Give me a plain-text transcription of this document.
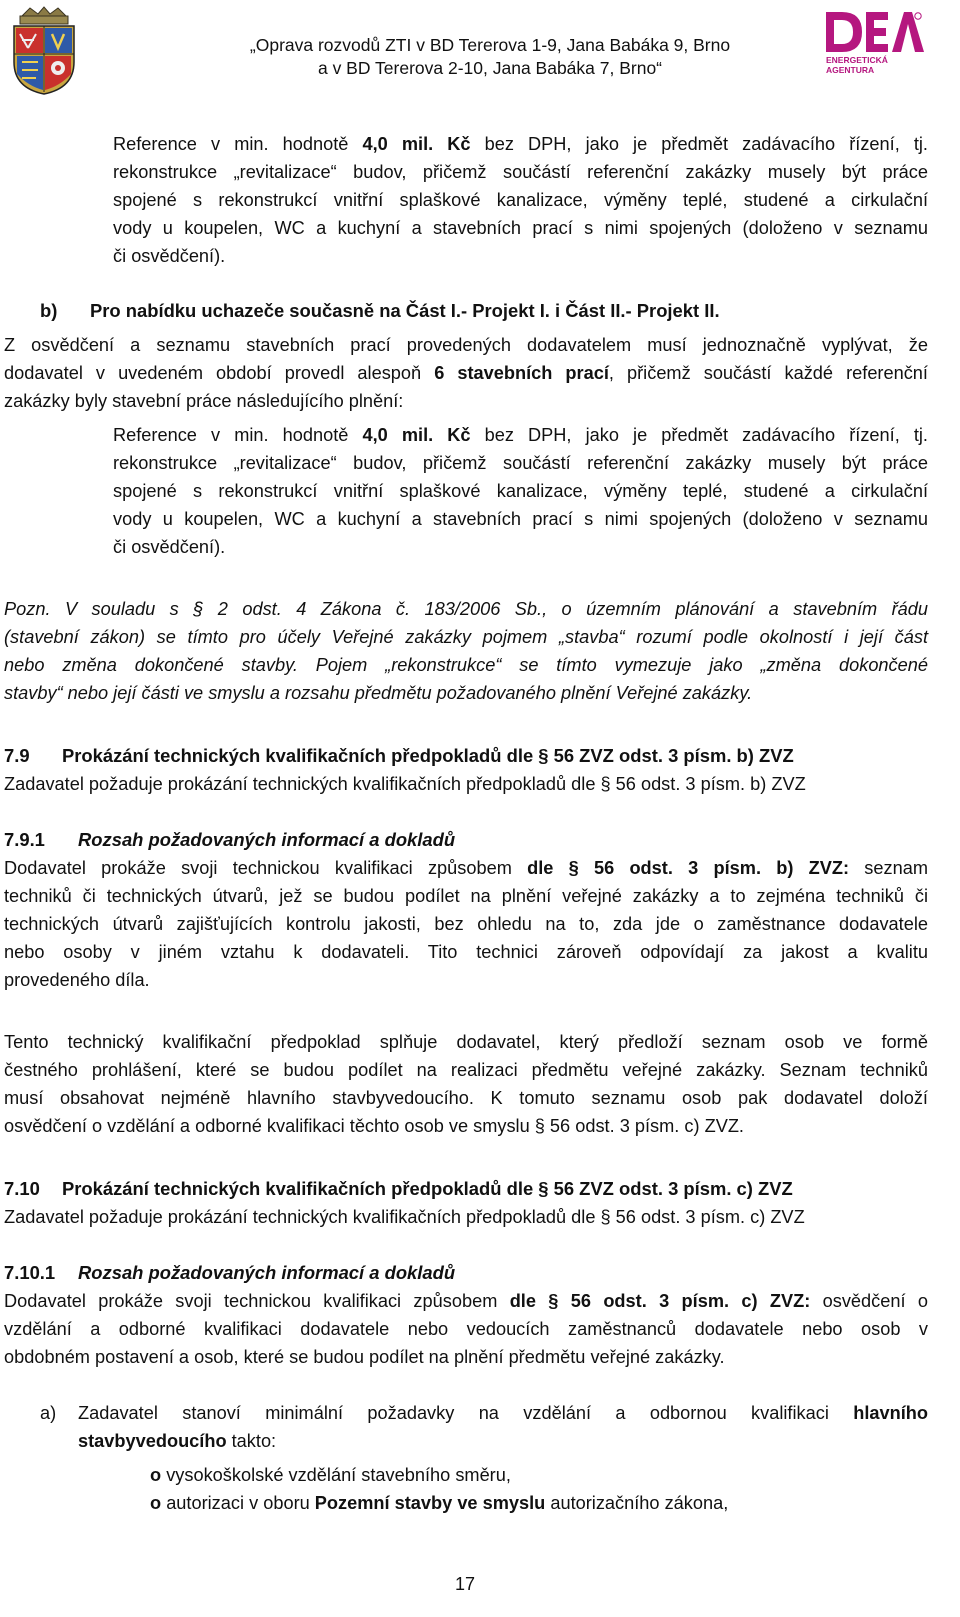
„Oprava rozvodů ZTI v BD Tererova 1-9, Jana Babáka 9, Brno
a v BD Tererova 2-10, Jana Babáka 7, Brno“	ENERGETICKÁ
AGENTURA
Reference v min. hodnotě 4,0 mil. Kč bez DPH, jako je předmět zadávacího řízení, tj.
rekonstrukce „revitalizace“ budov, přičemž součástí referenční zakázky musely být práce
spojené s rekonstrukcí vnitřní splaškové kanalizace, výměny teplé, studené a cirkulační
vody u koupelen, WC a kuchyní a stavebních prací s nimi spojených (doloženo v seznamu
či osvědčení).
b) Pro nabídku uchazeče současně na Část I.- Projekt I. i Část II.- Projekt II.
Z osvědčení a seznamu stavebních prací provedených dodavatelem musí jednoznačně vyplývat, že
dodavatel v uvedeném období provedl alespoň 6 stavebních prací, přičemž součástí každé referenční
zakázky byly stavební práce následujícího plnění:
Reference v min. hodnotě 4,0 mil. Kč bez DPH, jako je předmět zadávacího řízení, tj.
rekonstrukce „revitalizace“ budov, přičemž součástí referenční zakázky musely být práce
spojené s rekonstrukcí vnitřní splaškové kanalizace, výměny teplé, studené a cirkulační
vody u koupelen, WC a kuchyní a stavebních prací s nimi spojených (doloženo v seznamu
či osvědčení).
Pozn. V souladu s § 2 odst. 4 Zákona č. 183/2006 Sb., o územním plánování a stavebním řádu
(stavební zákon) se tímto pro účely Veřejné zakázky pojmem „stavba“ rozumí podle okolností i její část
nebo změna dokončené stavby. Pojem „rekonstrukce“ se tímto vymezuje jako „změna dokončené
stavby“ nebo její části ve smyslu a rozsahu předmětu požadovaného plnění Veřejné zakázky.
7.9 Prokázání technických kvalifikačních předpokladů dle § 56 ZVZ odst. 3 písm. b) ZVZ
Zadavatel požaduje prokázání technických kvalifikačních předpokladů dle § 56 odst. 3 písm. b) ZVZ
7.9.1 Rozsah požadovaných informací a dokladů
Dodavatel prokáže svoji technickou kvalifikaci způsobem dle § 56 odst. 3 písm. b) ZVZ: seznam
techniků či technických útvarů, jež se budou podílet na plnění veřejné zakázky a to zejména techniků či
technických útvarů zajišťujících kontrolu jakosti, bez ohledu na to, zda jde o zaměstnance dodavatele
nebo osoby v jiném vztahu k dodavateli. Tito technici zároveň odpovídají za jakost a kvalitu
provedeného díla.
Tento technický kvalifikační předpoklad splňuje dodavatel, který předloží seznam osob ve formě
čestného prohlášení, které se budou podílet na realizaci předmětu veřejné zakázky. Seznam techniků
musí obsahovat nejméně hlavního stavbyvedoucího. K tomuto seznamu osob pak dodavatel doloží
osvědčení o vzdělání a odborné kvalifikaci těchto osob ve smyslu § 56 odst. 3 písm. c) ZVZ.
7.10 Prokázání technických kvalifikačních předpokladů dle § 56 ZVZ odst. 3 písm. c) ZVZ
Zadavatel požaduje prokázání technických kvalifikačních předpokladů dle § 56 odst. 3 písm. c) ZVZ
7.10.1 Rozsah požadovaných informací a dokladů
Dodavatel prokáže svoji technickou kvalifikaci způsobem dle § 56 odst. 3 písm. c) ZVZ: osvědčení o
vzdělání a odborné kvalifikaci dodavatele nebo vedoucích zaměstnanců dodavatele nebo osob v
obdobném postavení a osob, které se budou podílet na plnění předmětu veřejné zakázky.
a)	Zadavatel stanoví minimální požadavky na vzdělání a odbornou kvalifikaci hlavního
stavbyvedoucího takto:
o vysokoškolské vzdělání stavebního směru,
o autorizaci v oboru Pozemní stavby ve smyslu autorizačního zákona,
17
